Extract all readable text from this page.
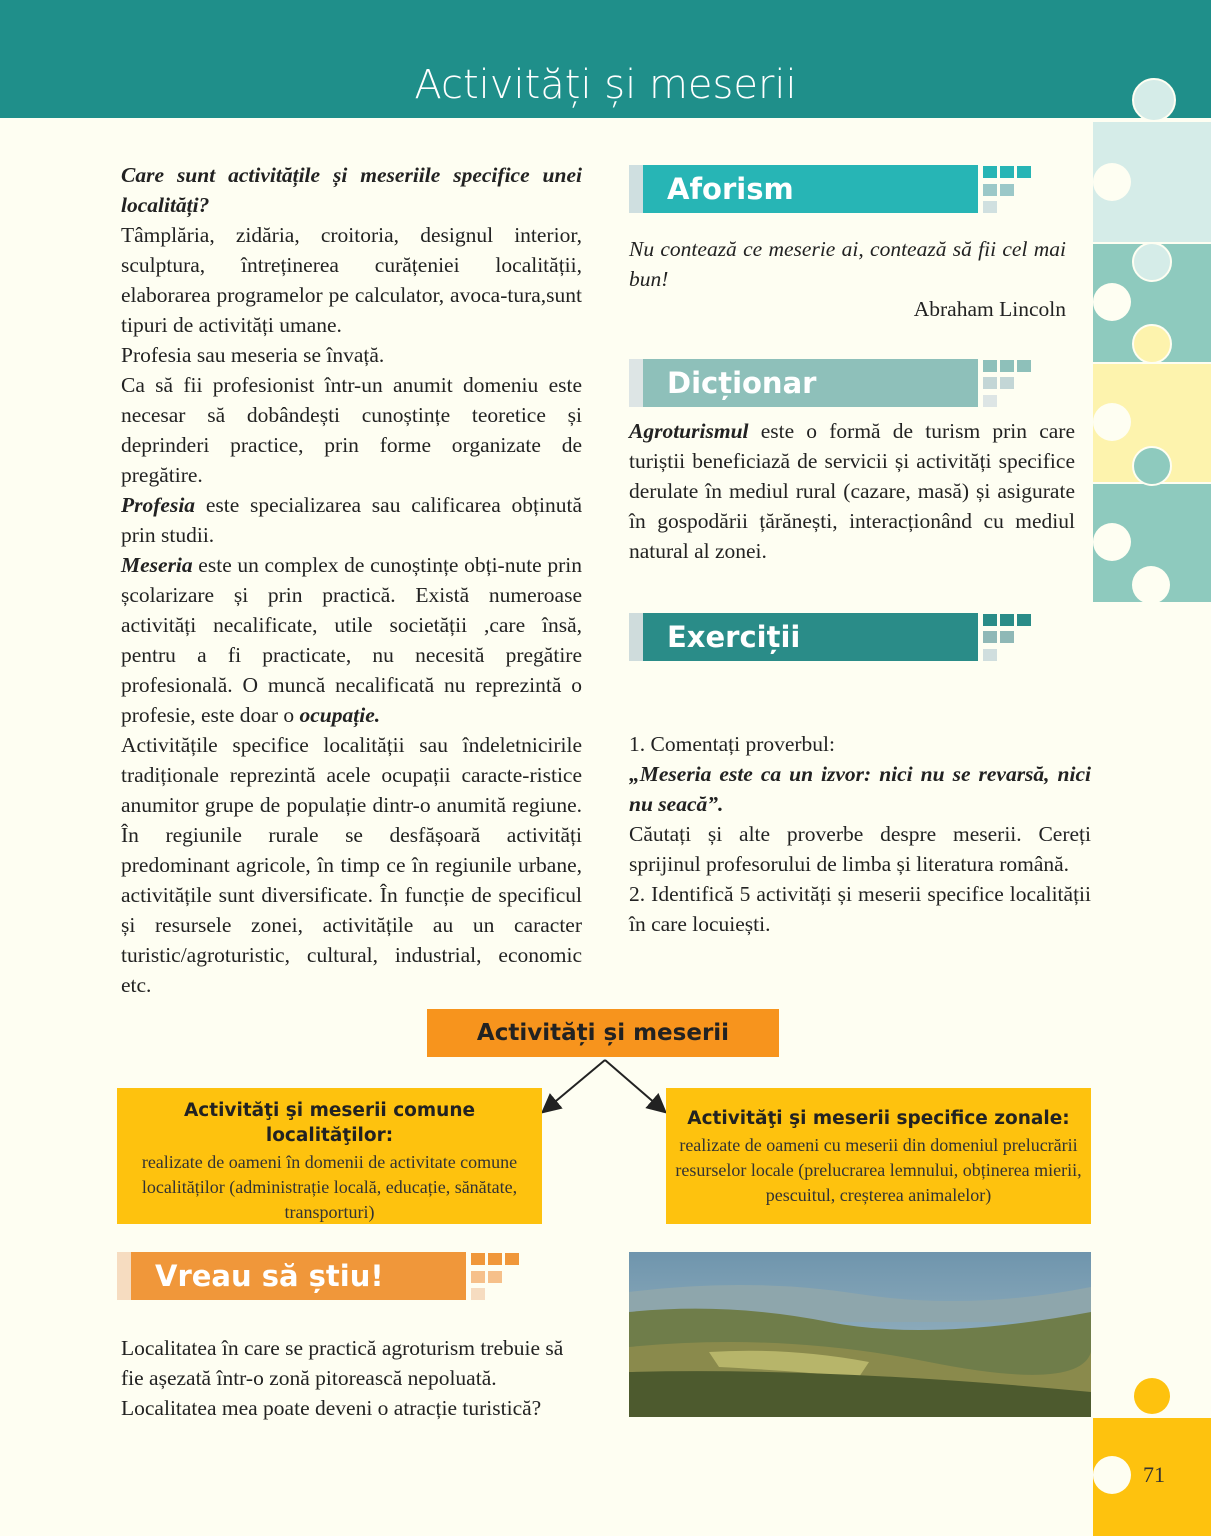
Activități și meserii

Care sunt activitățile și meseriile specifice unei localități?

Tâmplăria, zidăria, croitoria, designul interior, sculptura, întreținerea curățeniei localității, elaborarea programelor pe calculator, avoca-tura,sunt tipuri de activități umane.

Profesia sau meseria se învață.

Ca să fii profesionist într-un anumit domeniu este necesar să dobândești cunoștințe teoretice și deprinderi practice, prin forme organizate de pregătire.

Profesia este specializarea sau calificarea obținută prin studii.

Meseria este un complex de cunoștințe obți-nute prin școlarizare și prin practică. Există numeroase activități necalificate, utile societății ,care însă, pentru a fi practicate, nu necesită pregătire profesională. O muncă necalificată nu reprezintă o profesie, este doar o ocupație.

Activitățile specifice localității sau îndeletnicirile tradiționale reprezintă acele ocupații caracte-ristice anumitor grupe de populație dintr-o anumită regiune. În regiunile rurale se desfășoară activități predominant agricole, în timp ce în regiunile urbane, activitățile sunt diversificate. În funcție de specificul și resursele zonei, activitățile au un caracter turistic/agroturistic, cultural, industrial, economic etc.

Aforism
Nu contează ce meserie ai, contează să fii cel mai bun!
Abraham Lincoln
Dicționar
Agroturismul este o formă de turism prin care turiștii beneficiază de servicii și activități specifice derulate în mediul rural (cazare, masă) și asigurate în gospodării țărănești, interacționând cu mediul natural al zonei.
Exerciții

1. Comentați proverbul:

„Meseria este ca un izvor: nici nu se revarsă, nici nu seacă”.

Căutați și alte proverbe despre meserii. Cereți sprijinul profesorului de limba și literatura română.

2. Identifică 5 activități și meserii specifice localității în care locuiești.

Activități și meserii
Activităţi şi meserii comune localităţilor:
realizate de oameni în domenii de activitate comune localităților (administrație locală, educație, sănătate, transporturi)
Activităţi şi meserii specifice zonale:
realizate de oameni cu meserii din domeniul prelucrării resurselor locale (prelucrarea lemnului, obținerea mierii, pescuitul, creșterea animalelor)
Vreau să știu!
Localitatea în care se practică agroturism trebuie să fie așezată într-o zonă pitorească nepoluată. Localitatea mea poate deveni o atracție turistică?
71
